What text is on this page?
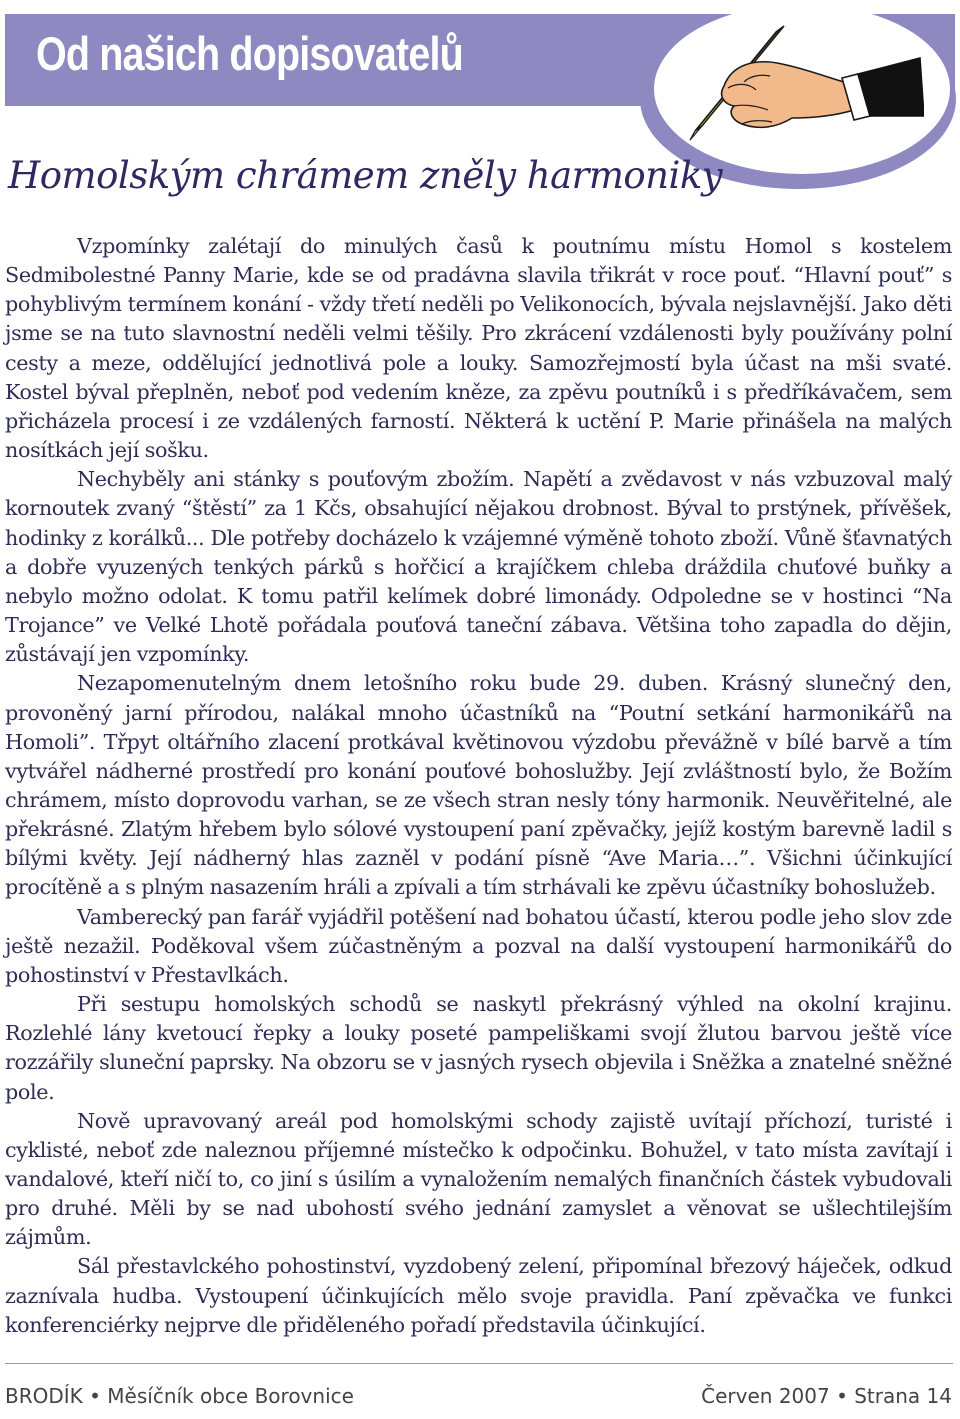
Od našich dopisovatelů
Homolským chrámem zněly harmoniky

Vzpomínky zalétají do minulých časů k poutnímu místu Homol s kostelem Sedmibolestné Panny Marie, kde se od pradávna slavila třikrát v roce pouť. “Hlavní pouť” s pohyblivým termínem konání - vždy třetí neděli po Velikonocích, bývala nejslavnější. Jako děti jsme se na tuto slavnostní neděli velmi těšily. Pro zkrácení vzdálenosti byly používány polní cesty a meze, oddělující jednotlivá pole a louky. Samozřejmostí byla účast na mši svaté. Kostel býval přeplněn, neboť pod vedením kněze, za zpěvu poutníků i s předříkávačem, sem přicházela procesí i ze vzdálených farností. Některá k uctění P. Marie přinášela na malých nosítkách její sošku.

Nechyběly ani stánky s pouťovým zbožím. Napětí a zvědavost v nás vzbuzoval malý kornoutek zvaný “štěstí” za 1 Kčs, obsahující nějakou drobnost. Býval to prstýnek, přívěšek, hodinky z korálků... Dle potřeby docházelo k vzájemné výměně tohoto zboží. Vůně šťavnatých a dobře vyuzených tenkých párků s hořčicí a krajíčkem chleba dráždila chuťové buňky a nebylo možno odolat. K tomu patřil kelímek dobré limonády. Odpoledne se v hostinci “Na Trojance” ve Velké Lhotě pořádala pouťová taneční zábava. Většina toho zapadla do dějin, zůstávají jen vzpomínky.

Nezapomenutelným dnem letošního roku bude 29. duben. Krásný slunečný den, provoněný jarní přírodou, nalákal mnoho účastníků na “Poutní setkání harmonikářů na Homoli”. Třpyt oltářního zlacení protkával květinovou výzdobu převážně v bílé barvě a tím vytvářel nádherné prostředí pro konání pouťové bohoslužby. Její zvláštností bylo, že Božím chrámem, místo doprovodu varhan, se ze všech stran nesly tóny harmonik. Neuvěřitelné, ale překrásné. Zlatým hřebem bylo sólové vystoupení paní zpěvačky, jejíž kostým barevně ladil s bílými květy. Její nádherný hlas zazněl v podání písně “Ave Maria…”. Všichni účinkující procítěně a s plným nasazením hráli a zpívali a tím strhávali ke zpěvu účastníky bohoslužeb.

Vamberecký pan farář vyjádřil potěšení nad bohatou účastí, kterou podle jeho slov zde ještě nezažil. Poděkoval všem zúčastněným a pozval na další vystoupení harmonikářů do pohostinství v Přestavlkách.

Při sestupu homolských schodů se naskytl překrásný výhled na okolní krajinu. Rozlehlé lány kvetoucí řepky a louky poseté pampeliškami svojí žlutou barvou ještě více rozzářily sluneční paprsky. Na obzoru se v jasných rysech objevila i Sněžka a znatelné sněžné pole.

Nově upravovaný areál pod homolskými schody zajistě uvítají příchozí, turisté i cyklisté, neboť zde naleznou příjemné místečko k odpočinku. Bohužel, v tato místa zavítají i vandalové, kteří ničí to, co jiní s úsilím a vynaložením nemalých finančních částek vybudovali pro druhé. Měli by se nad ubohostí svého jednání zamyslet a věnovat se ušlechtilejším zájmům.

Sál přestavlckého pohostinství, vyzdobený zelení, připomínal březový háječek, odkud zaznívala hudba. Vystoupení účinkujících mělo svoje pravidla. Paní zpěvačka ve funkci konferenciérky nejprve dle přiděleného pořadí představila účinkující.

BRODÍK • Měsíčník obce Borovnice	Červen 2007 • Strana 14
